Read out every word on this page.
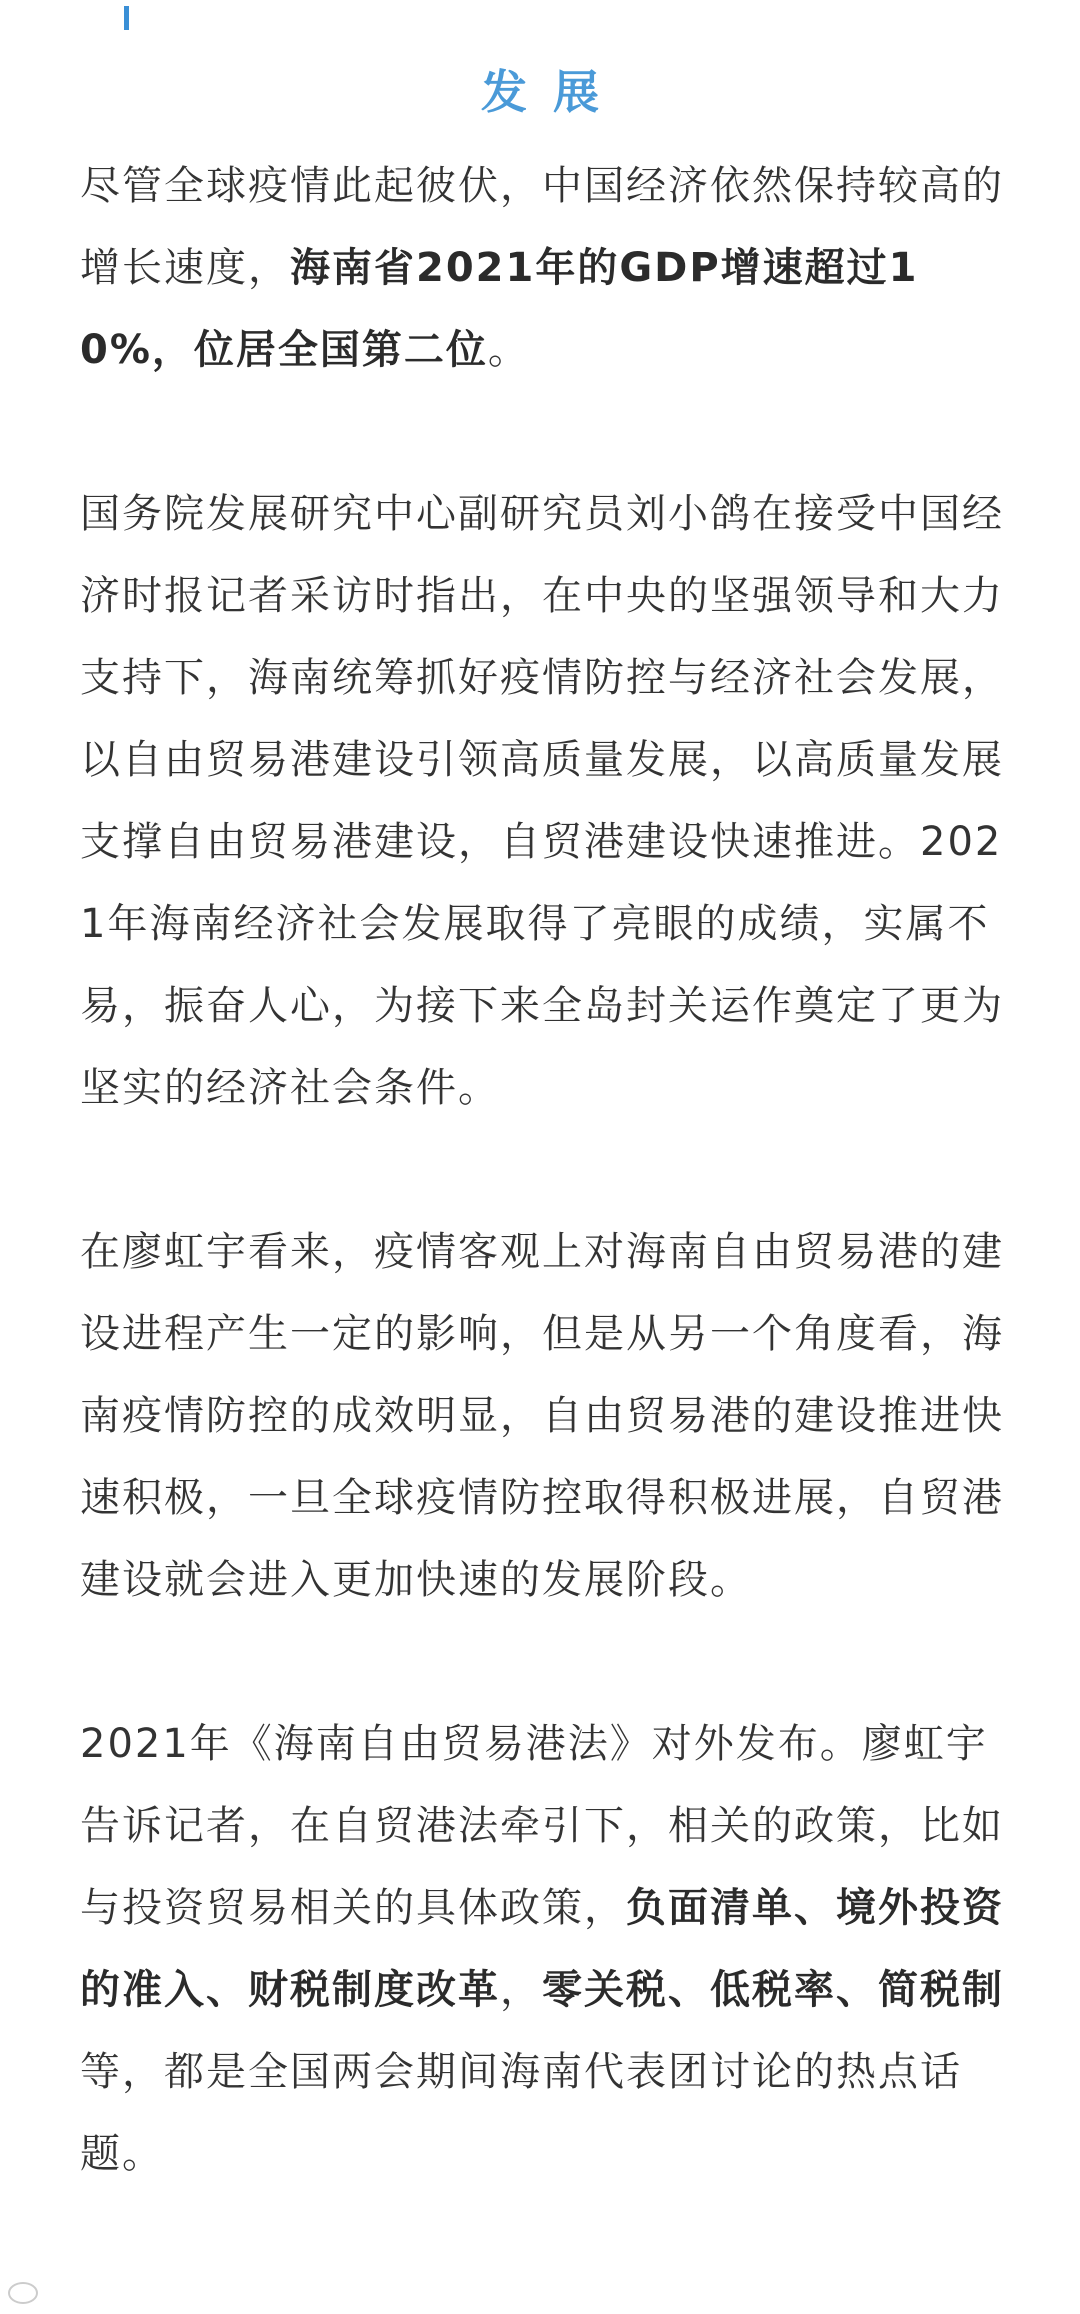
发展

尽管全球疫情此起彼伏，中国经济依然保持较高的增长速度，海南省2021年的GDP增速超过10%，位居全国第二位。

国务院发展研究中心副研究员刘小鸽在接受中国经济时报记者采访时指出，在中央的坚强领导和大力支持下，海南统筹抓好疫情防控与经济社会发展，以自由贸易港建设引领高质量发展，以高质量发展支撑自由贸易港建设，自贸港建设快速推进。2021年海南经济社会发展取得了亮眼的成绩，实属不易，振奋人心，为接下来全岛封关运作奠定了更为坚实的经济社会条件。

在廖虹宇看来，疫情客观上对海南自由贸易港的建设进程产生一定的影响，但是从另一个角度看，海南疫情防控的成效明显，自由贸易港的建设推进快速积极，一旦全球疫情防控取得积极进展，自贸港建设就会进入更加快速的发展阶段。

2021年《海南自由贸易港法》对外发布。廖虹宇告诉记者，在自贸港法牵引下，相关的政策，比如与投资贸易相关的具体政策，负面清单、境外投资的准入、财税制度改革，零关税、低税率、简税制等，都是全国两会期间海南代表团讨论的热点话题。
